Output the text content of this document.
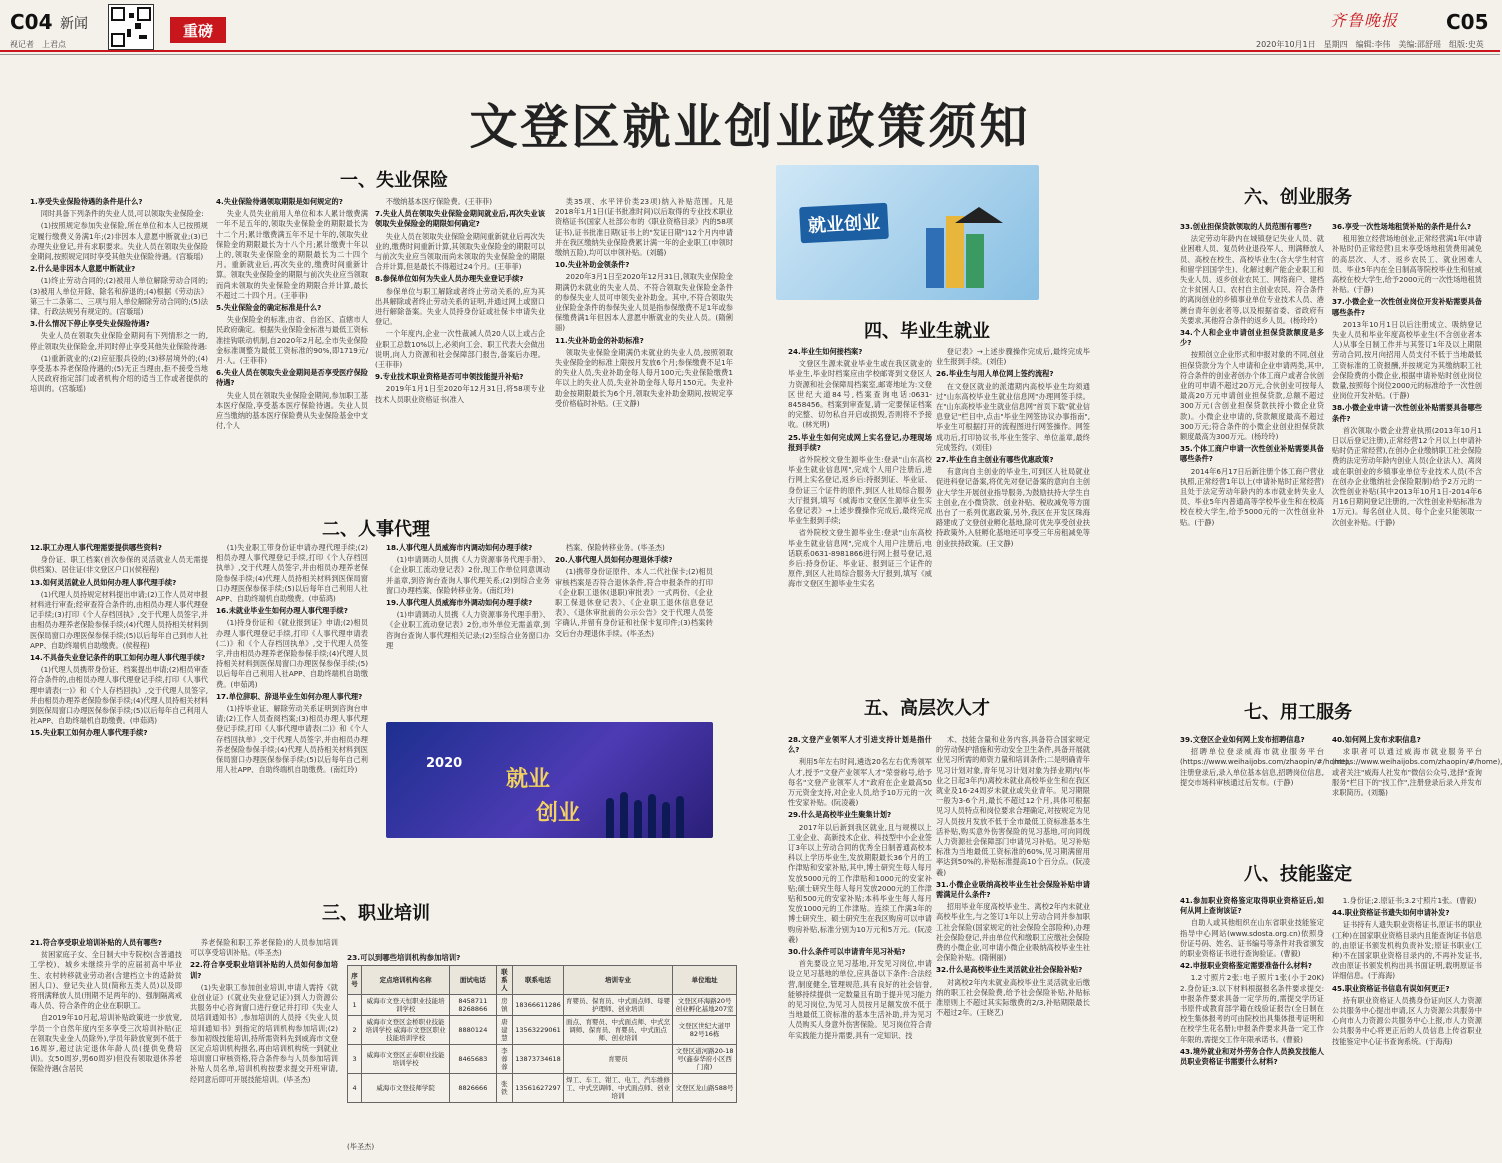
C04 新闻
视记者　上君点
重磅
齐鲁晚报 C05
2020年10月1日　星期四　编辑:李伟　美编:邵舒瑶　组版:史英
文登区就业创业政策须知
一、失业保险
二、人事代理
三、职业培训
四、毕业生就业
五、高层次人才
六、创业服务
七、用工服务
八、技能鉴定

1.享受失业保险待遇的条件是什么?

同时具备下列条件的失业人员,可以领取失业保险金:

(1)按照规定参加失业保险,所在单位和本人已按照规定履行缴费义务满1年;(2)非因本人意愿中断就业;(3)已办理失业登记,并有求职要求。失业人员在领取失业保险金期间,按照规定同时享受其他失业保险待遇。(宫璇瑶)

2.什么是非因本人意愿中断就业?

(1)终止劳动合同的;(2)被用人单位解除劳动合同的;(3)被用人单位开除、除名和辞退的;(4)根据《劳动法》第三十二条第二、三项与用人单位解除劳动合同的;(5)法律、行政法规另有规定的。(宫璇瑶)

3.什么情况下停止享受失业保险待遇?

失业人员在领取失业保险金期间有下列情形之一的,停止领取失业保险金,并同时停止享受其他失业保险待遇:

(1)重新就业的;(2)应征服兵役的;(3)移居境外的;(4)享受基本养老保险待遇的;(5)无正当理由,拒不接受当地人民政府指定部门或者机构介绍的适当工作或者提供的培训的。(宫璇瑶)

4.失业保险待遇领取期限是如何规定的?

失业人员失业前用人单位和本人累计缴费满一年不足五年的,领取失业保险金的期限最长为十二个月;累计缴费满五年不足十年的,领取失业保险金的期限最长为十八个月;累计缴费十年以上的,领取失业保险金的期限最长为二十四个月。重新就业后,再次失业的,缴费时间重新计算。领取失业保险金的期限与前次失业应当领取而尚未领取的失业保险金的期限合并计算,最长不超过二十四个月。(王菲菲)

5.失业保险金的确定标准是什么?

失业保险金的标准,由省、自治区、直辖市人民政府确定。根据失业保险金标准与最低工资标准挂钩联动机制,自2020年2月起,全市失业保险金标准调整为最低工资标准的90%,即1719元/月·人。(王菲菲)

6.失业人员在领取失业金期间是否享受医疗保险待遇?

失业人员在领取失业保险金期间,参加职工基本医疗保险,享受基本医疗保险待遇。失业人员应当缴纳的基本医疗保险费从失业保险基金中支付,个人

不缴纳基本医疗保险费。(王菲菲)

7.失业人员在领取失业保险金期间就业后,再次失业该领取失业保险金的期限如何确定?

失业人员在领取失业保险金期间重新就业后再次失业的,缴费时间重新计算,其领取失业保险金的期限可以与前次失业应当领取而尚未领取的失业保险金的期限合并计算,但是最长不得超过24个月。(王菲菲)

8.参保单位如何为失业人员办理失业登记手续?

参保单位与职工解除或者终止劳动关系的,应为其出具解除或者终止劳动关系的证明,并通过网上或窗口进行解除备案。失业人员持身份证或社保卡申请失业登记。

一个年度内,企业一次性裁减人员20人以上或占企业职工总数10%以上,必须向工会、职工代表大会做出说明,向人力资源和社会保障部门报告,备案后办理。(王菲菲)

9.专业技术职业资格是否可申领技能提升补贴?

2019年1月1日至2020年12月31日,将58项专业技术人员职业资格证书(准入

类35项、水平评价类23项)纳入补贴范围。凡是2018年1月1日(证书批准时间)以后取得的专业技术职业资格证书(国家人社部公布的《职业资格目录》内的58项证书),证书批准日期(证书上的"发证日期")12个月内申请并在我区缴纳失业保险费累计满一年的企业职工(申领时缴纳五险),均可以申领补贴。(刘璐)

10.失业补助金领条件?

2020年3月1日至2020年12月31日,领取失业保险金期满仍未就业的失业人员、不符合领取失业保险金条件的参保失业人员可申领失业补助金。其中,不符合领取失业保险金条件的参保失业人员是指参保缴费不足1年或参保缴费满1年但因本人意愿中断就业的失业人员。(隋俐丽)

11.失业补助金的补助标准?

领取失业保险金期满仍未就业的失业人员,按照领取失业保险金的标准上限按月发放6个月;参保缴费不足1年的失业人员,失业补助金每人每月100元;失业保险缴费1年以上的失业人员,失业补助金每人每月150元。失业补助金按期限最长为6个月,领取失业补助金期间,按规定享受价格临时补贴。(王文静)

12.职工办理人事代理需要提供哪些资料?

身份证、职工档案(首次参保的灵活就业人员无需提供档案)、居住证(非文登区户口)(侯程程)

13.如何灵活就业人员如何办理人事代理手续?

(1)代理人员持规定材料提出申请;(2)工作人员对申报材料进行审查;经审查符合条件的,由相员办理人事代理登记手续;(3)打印《个人存档回执》,交于代理人员签字,并由相员办理养老保险参保手续;(4)代理人员持相关材料到医保局窗口办理医保参保手续;(5)以后每年自己到市人社APP、自助终端机自助缴费。(侯程程)

14.不具备失业登记条件的职工如何办理人事代理手续?

(1)代理人员携带身份证、档案提出申请;(2)相员审查符合条件的,由相员办理人事代理登记手续,打印《人事代理申请表(一)》和《个人存档回执》,交于代理人员签字,并由相员办理养老保险参保手续;(4)代理人员持相关材料到医保局窗口办理医保参保手续;(5)以后每年自己利用人社APP、自助终端机自助缴费。(申茹鸿)

15.失业职工如何办理人事代理手续?

(1)失业职工带身份证申请办理代理手续;(2)相员办理人事代理登记手续,打印《个人存档回执单》,交于代理人员签字,并由相员办理养老保险参保手续;(4)代理人员持相关材料到医保局窗口办理医保参保手续;(5)以后每年自己利用人社APP、自助终端机自助缴费。(申茹鸿)

16.未就业毕业生如何办理人事代理手续?

(1)持身份证和《就业报到证》申请;(2)相员办理人事代理登记手续,打印《人事代理申请表(二)》和《个人存档回执单》,交于代理人员签字,并由相员办理养老保险参保手续;(4)代理人员持相关材料到医保局窗口办理医保参保手续;(5)以后每年自己利用人社APP、自助终端机自助缴费。(申茹鸿)

17.单位辞职、辞退毕业生如何办理人事代理?

(1)持毕业证、解除劳动关系证明到咨询台申请;(2)工作人员查阅档案;(3)相员办理人事代理登记手续,打印《人事代理申请表(二)》和《个人存档回执单》,交于代理人员签字,并由相员办理养老保险参保手续;(4)代理人员持相关材料到医保局窗口办理医保参保手续;(5)以后每年自己利用人社APP、自助终端机自助缴费。(南红玲)

18.人事代理人员威海市内调动如何办理手续?

(1)申请调动人员携《人力资源事务代理手册》、《企业职工流动登记表》2份,现工作单位同意调动并盖章,到咨询台查询人事代理关系;(2)到综合业务窗口办理档案、保险转移业务。(南红玲)

19.人事代理人员威海市外调动如何办理手续?

(1)申请调动人员携《人力资源事务代理手册》、《企业职工流动登记表》2份,市外单位无需盖章,到咨询台查询人事代理相关记录;(2)至综合业务窗口办理

档案、保险转移业务。(毕圣杰)

20.人事代理人员如何办理退休手续?

(1)携带身份证原件、本人二代社保卡;(2)相员审核档案是否符合退休条件,符合申报条件的打印《企业职工退休(退职)审批表》一式两份、《企业职工保退休登记表》、《企业职工退休信息登记表》、《退休审批前的公示公告》交于代理人员签字确认,并留有身份证和社保卡复印件;(3)档案转交后台办理退休手续。(毕圣杰)

21.符合享受职业培训补贴的人员有哪些?

贫困家庭子女、全日制大中专院校(含普通技工学校)、城乡未继续升学的应届初高中毕业生、农村转移就业劳动者(含建档立卡的适龄贫困人口)、登记失业人员(简称五类人员)以及即将刑满释放人员(刑期不足两年的)、强制隔离戒毒人员、符合条件的企业在职职工。

自2019年10月起,培训补贴政策进一步放宽,学员一个自然年度内至多享受三次培训补贴(正在领取失业金人员除外),学员年龄放宽到不低于16周岁,超过法定退休年龄人员(提供免费培训)。女50周岁,男60周岁)但没有领取退休养老保险待遇(含居民

养老保险和职工养老保险)的人员参加培训可以享受培训补贴。(毕圣杰)

22.符合享受职业培训补贴的人员如何参加培训?

(1)失业职工参加创业培训,申请人需持《就业创业证》(《就业失业登记证》)到人力资源公共服务中心咨询窗口进行登记并打印《失业人员培训通知书》,参加培训的人员持《失业人员培训通知书》到指定的培训机构参加培训;(2)参加初级技能培训,持所需资料先到威海市文登区定点培训机构报名,再由培训机构统一到就业培训窗口审核资格,符合条件参与人员参加培训补贴人员名单,培训机构按要求提交开班审请,经同意后即可开展技能培训。(毕圣杰)

24.毕业生如何接档案?

文登区生源未就业毕业生或在我区就业的毕业生,毕业时档案应由学校邮寄到文登区人力资源和社会保障局档案室,邮寄地址为:文登区世纪大道84号,档案查询电话:0631-8458456。档案到审查复,请一定要保证档案的完整、切勿私自开启或损毁,否则将不予接收。(林光明)

25.毕业生如何完成网上实名登记,办理现场报到手续?

省外院校文登生源毕业生:登录"山东高校毕业生就业信息网",完成个人用户注册后,进行网上实名登记,返乡后:持报到证、毕业证、身份证三个证件的原件,到区人社局综合服务大厅报到,填写《威海市文登区生源毕业生实名登记表》→上述步骤操作完成后,最终完成毕业生报到手续;

省外院校文登生源毕业生:登录"山东高校毕业生就业信息网",完成个人用户注册后,电话联系0631-8981866进行网上报号登记,返乡后:持身份证、毕业证、报到证三个证件的原件,到区人社局综合服务大厅报到,填写《威海市文登区生源毕业生实名

登记表》→上述步骤操作完成后,最终完成毕业生报到手续。(刘佳)

26.毕业生与用人单位网上签约流程?

在文登区就业的派遣期内高校毕业生均须通过"山东高校毕业生就业信息网"办理网签手续。在"山东高校毕业生就业信息网"首页下载"就业信息登记"栏目中,点击"毕业生网签协议办事指南",毕业生可根据打开的流程图进行网签操作。网签成功后,打印协议书,毕业生签字、单位盖章,最终完成签约。(刘佳)

27.毕业生自主创业有哪些优惠政策?

有意向自主创业的毕业生,可到区人社局就业促进科登记备案,将优先对登记备案的意向自主创业大学生开展创业指导服务,为鼓励扶持大学生自主创业,在小微贷款、创业补贴、税收减免等方面出台了一系列优惠政策,另外,我区在开发区珠海路建成了文登创业孵化基地,除可优先享受创业扶持政策外,入驻孵化基地还可享受三年房租减免等创业扶持政策。(王文静)

28.文登产业领军人才引进支持计划是指什么?

利用5年左右时间,遴选20名左右优秀领军人才,授予"文登产业领军人才"荣誉称号,给予每名"文登产业领军人才"政府在企业最高50万元资金支持,对企业人员,给予10万元的一次性安家补贴。(阮凌羲)

29.什么是高校毕业生聚集计划?

2017年以后新到我区就业,且与规模以上工业企业、高新技术企业、科技型中小企业签订3年以上劳动合同的优秀全日制普通高校本科以上学历毕业生,发放期限最长36个月的工作津贴和安家补贴,其中,博士研究生每人每月发放5000元的工作津贴和1000元的安家补贴;硕士研究生每人每月发放2000元的工作津贴和500元的安家补贴;本科毕业生每人每月发放1000元的工作津贴。连续工作满3年的博士研究生、硕士研究生在我区购房可以申请购房补贴,标准分别为10万元和5万元。(阮凌羲)

30.什么条件可以申请青年见习补贴?

首先要设立见习基地,开发见习岗位,申请设立见习基地的单位,应具备以下条件:合法经营,制度健全,管理规范,具有良好的社会信誉,能够持续提供一定数量且有助于提升见习能力的见习岗位,为见习人员按月足额发放不低于当地最低工资标准的基本生活补助,并为见习人员购买人身意外伤害保险。见习岗位符合青年实践能力提升需要,具有一定知识、技

术、技能含量和业务内容,具备符合国家规定的劳动保护措施和劳动安全卫生条件,具备开展就业见习所需的师资力量和培训条件;二是明确青年见习计划对象,青年见习计划对象为择业期内(毕业之日起3年内)离校未就业高校毕业生和在我区就业及16-24周岁未就业或失业青年。见习期限一般为3-6个月,最长不超过12个月,具体可根据见习人员特点和岗位要求合理确定,对按规定为见习人员按月发放不低于全市最低工资标准基本生活补贴,购买意外伤害保险的见习基地,可向同级人力资源社会保障部门申请见习补贴。见习补贴标准为当地最低工资标准的60%,见习期满留用率达到50%的,补贴标准提高10个百分点。(阮凌羲)

31.小微企业吸纳高校毕业生社会保险补贴申请需满足什么条件?

招用毕业年度高校毕业生、离校2年内未就业高校毕业生,与之签订1年以上劳动合同并参加职工社会保险(国家规定的社会保险全部险种),办理社会保险登记,并由单位代和缴职工应缴社会保险费的小微企业,可申请小微企业吸纳高校毕业生社会保险补贴。(隋俐丽)

32.什么是高校毕业生灵活就业社会保险补贴?

对离校2年内未就业高校毕业生灵活就业后缴纳的职工社会保险费,给予社会保险补贴,补贴标准原则上不超过其实际缴费的2/3,补贴期限最长不超过2年。(王晓艺)

33.创业担保贷款领取的人员范围有哪些?

法定劳动年龄内在城镇登记失业人员、就业困难人员、复员转业退役军人、刑满释放人员、高校在校生、高校毕业生(含大学生村官和留学回国学生)、化解过剩产能企业职工和失业人员、返乡创业农民工、网络商户、建档立卡贫困人口、农村自主创业农民、符合条件的离岗创业的乡镇事业单位专业技术人员、港澳台青年创业者等,以及根据省委、省政府有关要求,其他符合条件的返乡人员。(杨玲玲)

34.个人和企业申请创业担保贷款额度是多少?

按照创立企业形式和申报对象的不同,创业担保贷款分为个人申请和企业申请两类,其中,符合条件的创业者创办个体工商户或者合伙创业的可申请不超过20万元,合伙创业可按每人最高20万元申请创业担保贷款,总额不超过300万元(含创业担保贷款扶持小微企业贷款)。小微企业申请的,贷款额度最高不超过300万元;符合条件的小微企业创业担保贷款额度最高为300万元。(杨玲玲)

35.个体工商户申请一次性创业补贴需要具备哪些条件?

2014年6月17日后新注册个体工商户营业执照,正常经营1年以上(申请补贴时正常经营)且处于法定劳动年龄内的本市就业转失业人员、毕业5年内普通高等学校毕业生和在校高校在校大学生,给予5000元的一次性创业补贴。(于静)

36.享受一次性场地租赁补贴的条件是什么?

租用独立经营场地创业,正常经营满1年(申请补贴时仍正常经营)且未享受场地租赁费用减免的高层次、人才、返乡农民工、就业困难人员、毕业5年内在全日制高等院校毕业生和驻威高校在校大学生,给予2000元的一次性场地租赁补贴。(于静)

37.小微企业一次性创业岗位开发补贴需要具备哪些条件?

2013年10月1日以后注册成立、吸纳登记失业人员和毕业年度高校毕业生(不含创业者本人)从事全日制工作并与其签订1年及以上期限劳动合同,按月向招用人员支付不低于当地最低工资标准的工资报酬,并按规定为其缴纳职工社会保险费的小微企业,根据申请补贴时创业岗位数量,按照每个岗位2000元的标准给予一次性创业岗位开发补贴。(于静)

38.小微企业申请一次性创业补贴需要具备哪些条件?

首次领取小微企业营业执照(2013年10月1日以后登记注册),正常经营12个月以上(申请补贴时仍正常经营),在创办企业缴纳职工社会保险费的法定劳动年龄内创业人员(企业法人)、离岗或在职创业的乡镇事业单位专业技术人员(不含在创办企业缴纳社会保险限制)给予2万元的一次性创业补贴(其中2013年10月1日-2014年6月16日期间登记注册的,一次性创业补贴标准为1万元)。每名创业人员、每个企业只能领取一次创业补贴。(于静)

39.文登区企业如何网上发布招聘信息?

招聘单位登录威海市就业服务平台(https://www.weihaijobs.com/zhaopin/#/home),注册登录后,录入单位基本信息,招聘岗位信息,提交市场科审核通过后发布。(于静)

40.如何网上发布求职信息?

求职者可以通过威海市就业服务平台(https://www.weihaijobs.com/zhaopin/#/home),或者关注"威海人社发布"微信公众号,选择"查询服务"栏目下的"找工作",注册登录后录入并发布求职简历。(刘璐)

41.参加职业资格鉴定取得职业资格证后,如何从网上查询该证?

自助人或其他组织在山东省职业技能鉴定指导中心网站(www.sdosta.org.cn)依照身份证号码、姓名、证书编号等条件对我省颁发的职业资格证书进行查询验证。(曹毅)

42.申报职业资格鉴定需要准备什么材料?

1.2寸照片2张:电子照片1张(小于20K)　2.身份证;3.以下材料根据报名条件要求提交:申报条件要求具备一定学历的,需提交学历证书原件或教育部学籍在线验证报告(全日制在校生集体报考的可由院校出具集体报考证明和在校学生花名册);申报条件要求具备一定工作年限的,需提交工作年限承诺书。(曹毅)

43.境外就业和对外劳务合作人员换发技能人员职业资格证书需要什么材料?

1.身份证;2.原证书;3.2寸照片1张。(曹毅)

44.职业资格证书遗失如何申请补发?

证书持有人遗失职业资格证书,原证书的职业(工种)在国家职业资格目录内且能查询证书信息的,由原证书颁发机构负责补发;原证书职业(工种)不在国家职业资格目录内的,不再补发证书,改由原证书颁发机构出具书面证明,载明原证书详细信息。(于海海)

45.职业资格证书信息有误如何更正?

持有职业资格证人员携身份证向区人力资源公共服务中心提出申请,区人力资源公共服务中心向市人力资源公共服务中心上报,市人力资源公共服务中心将更正后的人员信息上传省职业技能鉴定中心证书查询系统。(于海海)

就业创业
2020
就业
创业
23.可以到哪些培训机构参加培训?
序号	定点培训机构名称	面试电话	联系人	联系电话	培训专业	单位地址
1	威海市文登天恒职业技能培训学校	8458711 8268866	房镇	18366611286	育婴员、保育员、中式面点师、母婴护理师、创业培训	文登区环海路20号创业孵化基地207室
2	威海市文登区金桥职业技能培训学校 威海市文登区职业技能培训学校	8880124	唐建慧	13563229061	面点、育婴员、中式面点师、中式烹调师、保育员、育婴员、中式面点师、创业培训	文登区世纪大道甲82号16栋
3	威海市文登区正泰职业技能培训学校	8465683	李蓉蓉	13873734618	育婴员	文登区道河路20-18号(鑫泰华府小区西门南)
4	威海市文登技师学院	8826666	张铁	13561627297	焊工、车工、钳工、电工、汽车维修工、中式烹调师、中式面点师、创业培训	文登区龙山路588号
(毕圣杰)
